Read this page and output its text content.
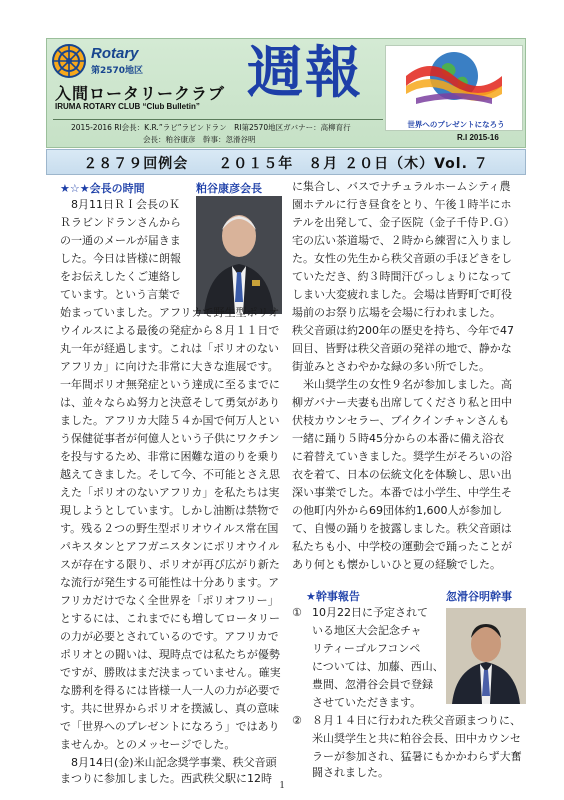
Rotary
第2570地区
入間ロータリークラブ
IRUMA ROTARY CLUB “Club Bulletin”
週報
2015-2016 RI会長：K.R.”ラビ”ラビンドラン　RI第2570地区ガバナー：高柳育行
会長：粕谷康彦　幹事：忽滑谷明
世界へのプレゼントになろう
R.I 2015-16
２８７９回例会　　２０１５年　８月 ２０日（木）Vol. ７
★☆★会長の時間	粕谷康彦会長
　8月11日ＲＩ会長のＫ
Ｒラビンドランさんから
の一通のメールが届きま
した。今日は皆様に朗報
をお伝えしたくご連絡し
ています。という言葉で
始まっていました。アフリカで野生型ポリオ
ウイルスによる最後の発症から８月１１日で
丸一年が経過します。これは「ポリオのない
アフリカ」に向けた非常に大きな進展です。
一年間ポリオ無発症という達成に至るまでに
は、並々ならぬ努力と決意そして勇気があり
ました。アフリカ大陸５４か国で何万人とい
う保健従事者が何億人という子供にワクチン
を投与するため、非常に困難な道のりを乗り
越えてきました。そして今、不可能とさえ思
えた「ポリオのないアフリカ」を私たちは実
現しようとしています。しかし油断は禁物で
す。残る２つの野生型ポリオウイルス常在国
パキスタンとアフガニスタンにポリオウイル
スが存在する限り、ポリオが再び広がり新た
な流行が発生する可能性は十分あります。ア
フリカだけでなく全世界を「ポリオフリー」
とするには、これまでにも増してロータリー
の力が必要とされているのです。アフリカで
ポリオとの闘いは、現時点では私たちが優勢
ですが、勝敗はまだ決まっていません。確実
な勝利を得るには皆様一人一人の力が必要で
す。共に世界からポリオを撲滅し、真の意味
で「世界へのプレゼントになろう」ではあり
ませんか。とのメッセージでした。
　8月14日(金)米山記念奨学事業、秩父音頭
まつりに参加しました。西武秩父駅に12時
に集合し、バスでナチュラルホームシティ農
園ホテルに行き昼食をとり、午後１時半にホ
テルを出発して、金子医院（金子千侍Ｐ.Ｇ）
宅の広い茶道場で、２時から練習に入りまし
た。女性の先生から秩父音頭の手ほどきをし
ていただき、約３時間汗びっしょりになって
しまい大変疲れました。会場は皆野町で町役
場前のお祭り広場を会場に行われました。
秩父音頭は約200年の歴史を持ち、今年で47
回目、皆野は秩父音頭の発祥の地で、静かな
街並みとさわやかな緑の多い所でした。
　米山奨学生の女性９名が参加しました。高
柳ガバナー夫妻も出席してくださり私と田中
伏枝カウンセラー、ブイクインチャンさんも
一緒に踊り５時45分からの本番に備え浴衣
に着替えていきました。奨学生がそろいの浴
衣を着て、日本の伝統文化を体験し、思い出
深い事業でした。本番では小学生、中学生そ
の他町内外から69団体約1,600人が参加し
て、自慢の踊りを披露しました。秩父音頭は
私たちも小、中学校の運動会で踊ったことが
あり何とも懐かしいひと夏の経験でした。
★幹事報告	忽滑谷明幹事
① 10月22日に予定されて
いる地区大会記念チャ
リティーゴルフコンペ
については、加藤、西山、
豊間、忽滑谷会員で登録
させていただきます。
② ８月１４日に行われた秩父音頭まつりに、
米山奨学生と共に粕谷会長、田中カウンセ
ラーが参加され、猛暑にもかかわらず大奮
闘されました。
1
